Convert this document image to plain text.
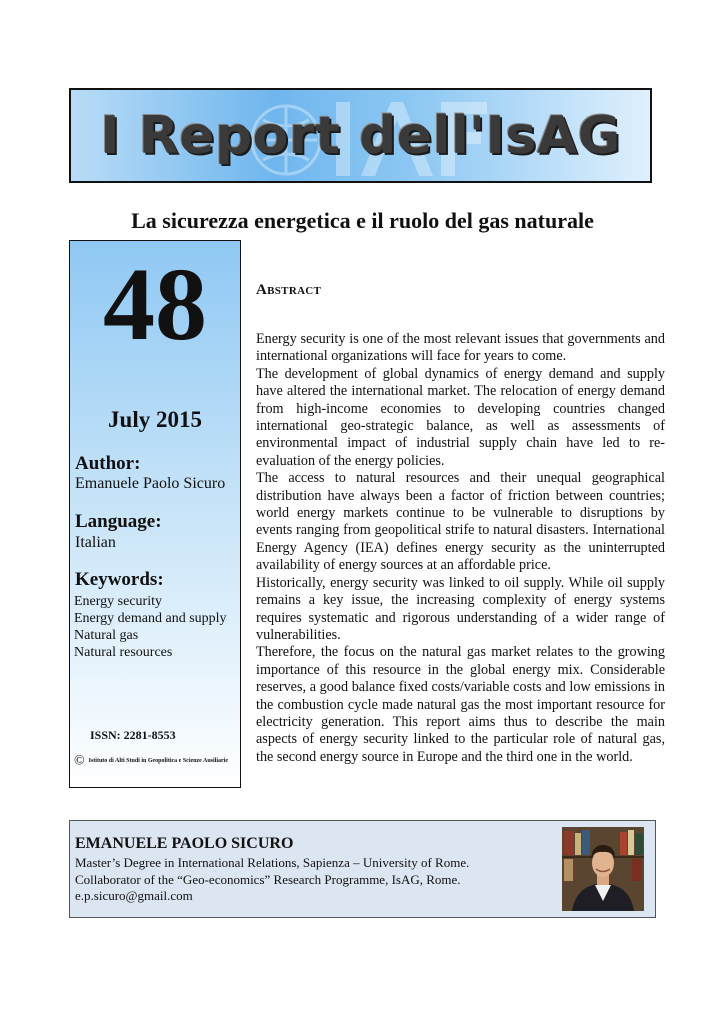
I Report dell'IsAG
La sicurezza energetica e il ruolo del gas naturale
48
July 2015
Author:
Emanuele Paolo Sicuro
Language:
Italian
Keywords:
Energy security
Energy demand and supply
Natural gas
Natural resources
ISSN: 2281-8553
© Istituto di Alti Studi in Geopolitica e Scienze Ausiliarie
Abstract

Energy security is one of the most relevant issues that governments and international organizations will face for years to come.

The development of global dynamics of energy demand and supply have altered the international market. The relocation of energy demand from high-income economies to developing countries changed international geo-strategic balance, as well as assessments of environmental impact of industrial supply chain have led to re-evaluation of the energy policies.

The access to natural resources and their unequal geographical distribution have always been a factor of friction between countries; world energy markets continue to be vulnerable to disruptions by events ranging from geopolitical strife to natural disasters. International Energy Agency (IEA) defines energy security as the uninterrupted availability of energy sources at an affordable price.

Historically, energy security was linked to oil supply. While oil supply remains a key issue, the increasing complexity of energy systems requires systematic and rigorous understanding of a wider range of vulnerabilities.

Therefore, the focus on the natural gas market relates to the growing importance of this resource in the global energy mix. Considerable reserves, a good balance fixed costs/variable costs and low emissions in the combustion cycle made natural gas the most important resource for electricity generation. This report aims thus to describe the main aspects of energy security linked to the particular role of natural gas, the second energy source in Europe and the third one in the world.

EMANUELE PAOLO SICURO
Master’s Degree in International Relations, Sapienza – University of Rome.
Collaborator of the “Geo-economics” Research Programme, IsAG, Rome.
e.p.sicuro@gmail.com
